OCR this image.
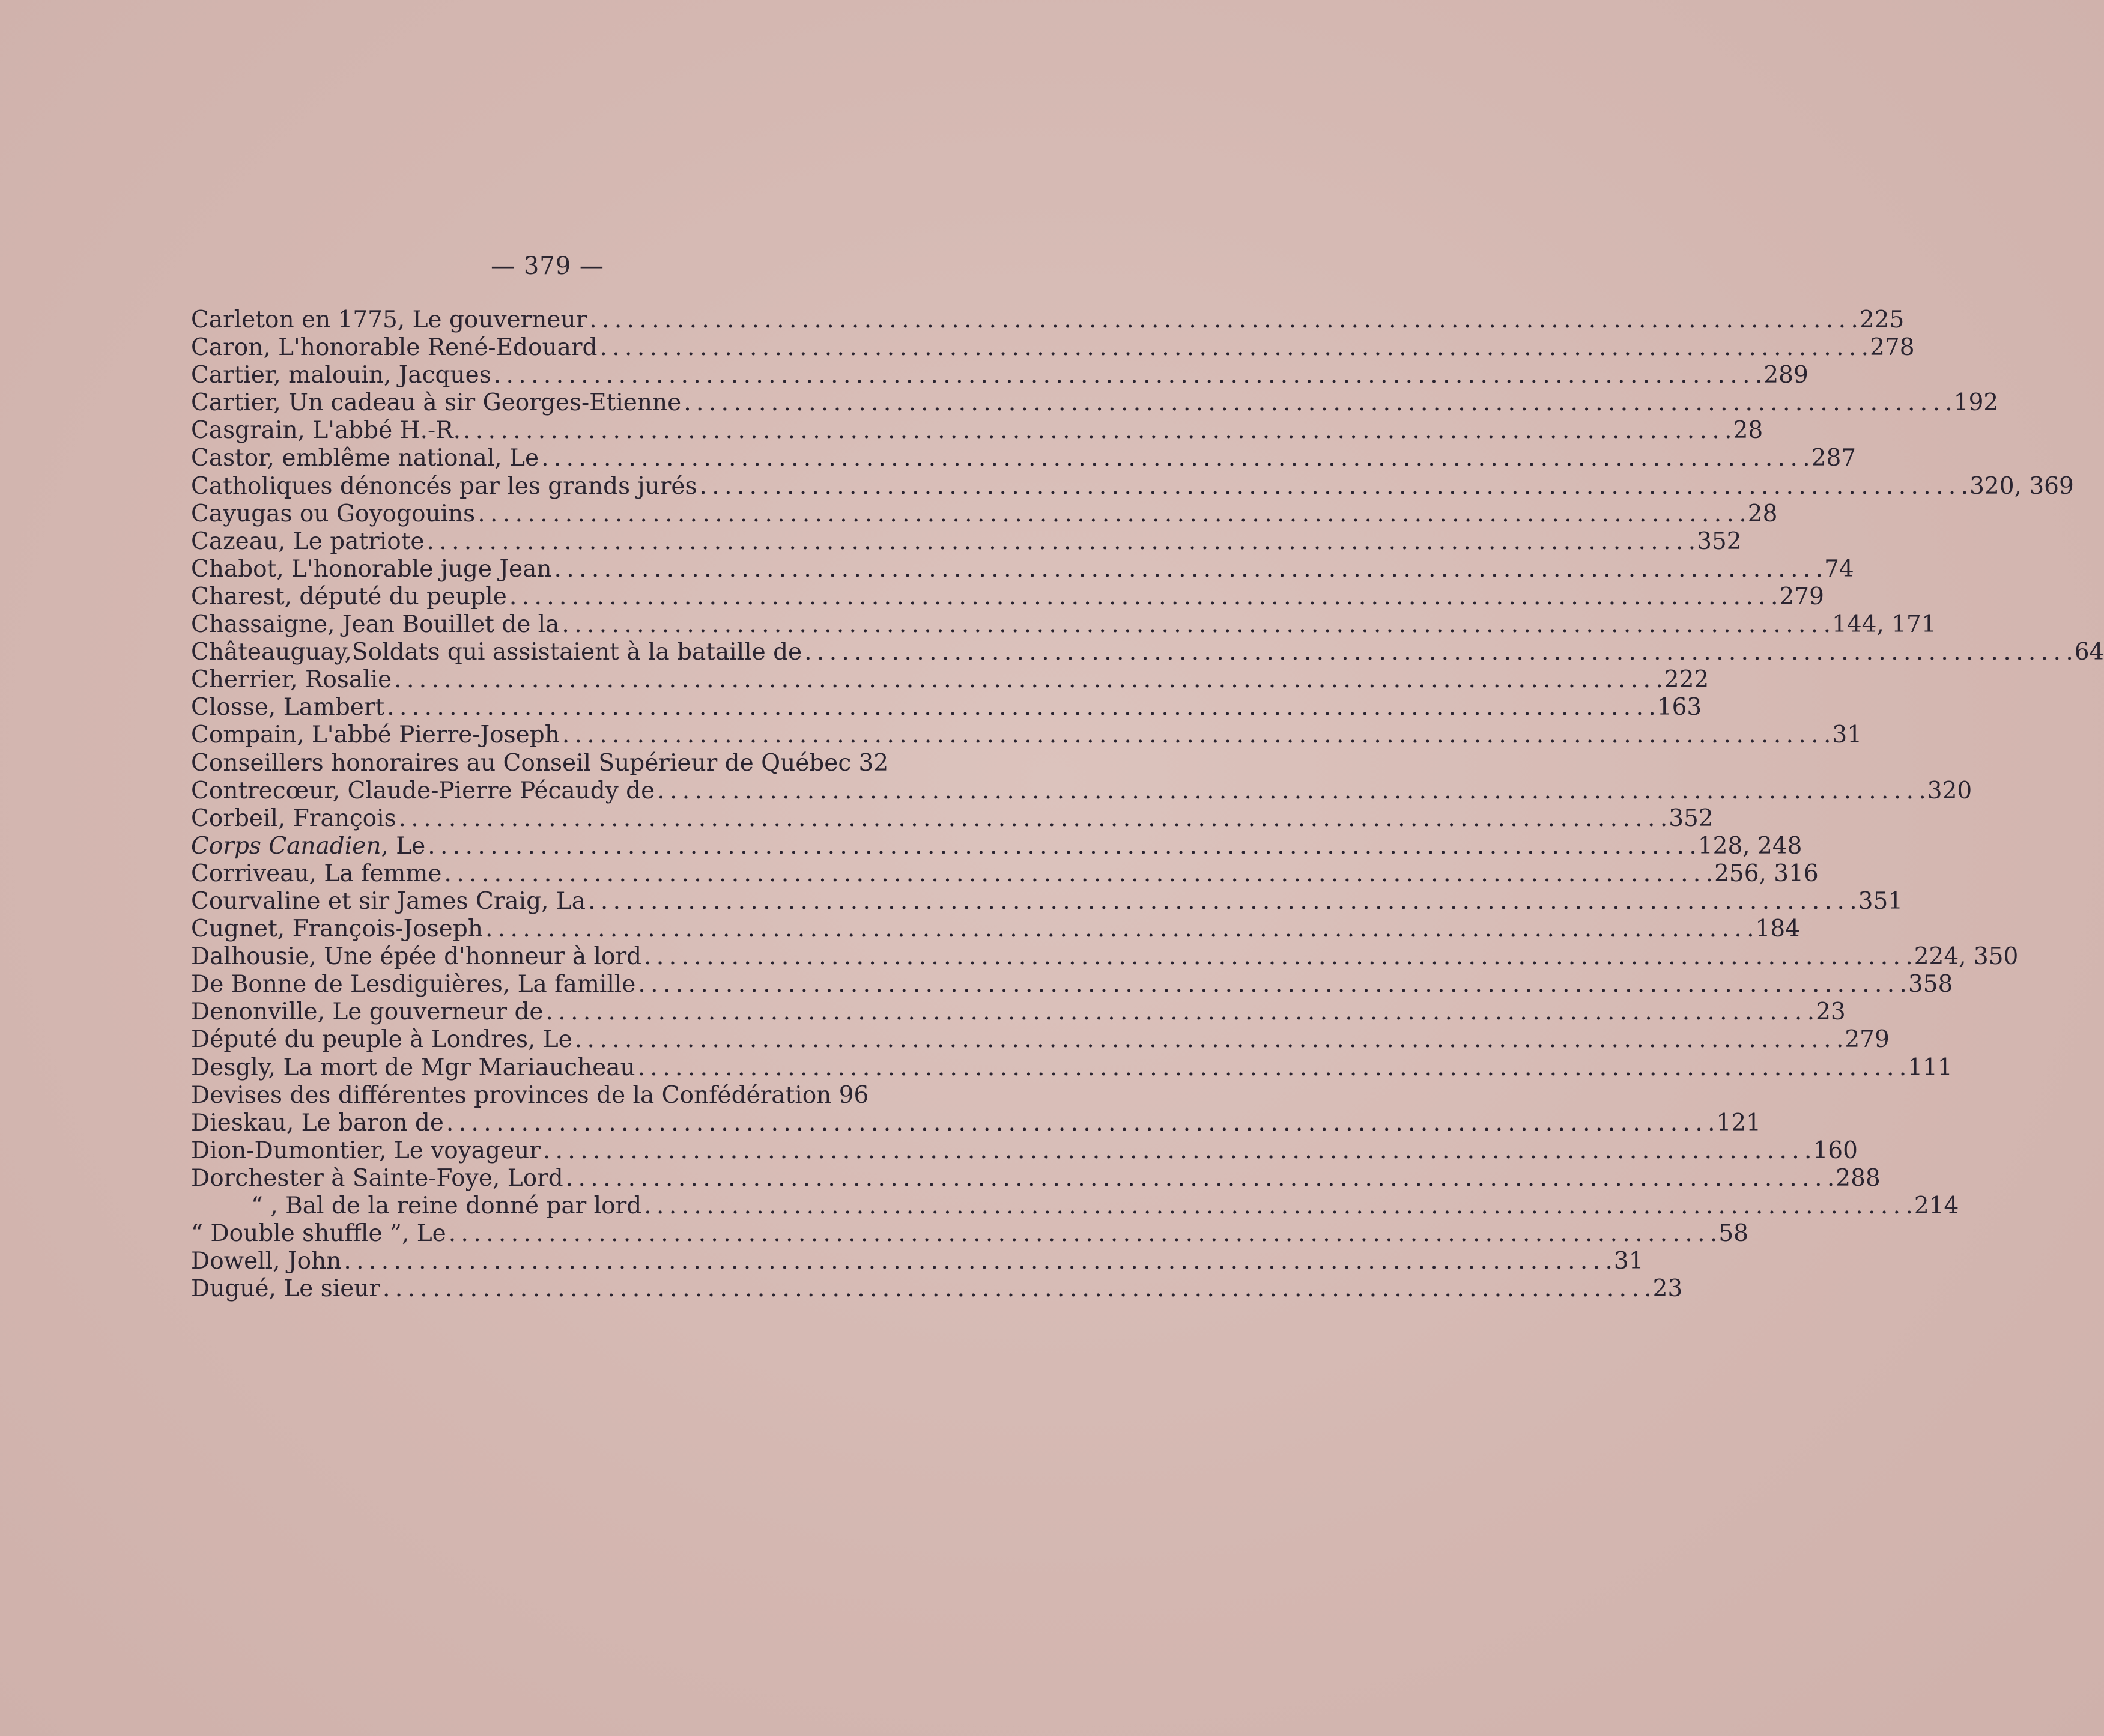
— 379 —
Carleton en 1775, Le gouverneur . . .	225
Caron, L'honorable René-Edouard . . .	278
Cartier, malouin, Jacques . . .	289
Cartier, Un cadeau à sir Georges-Etienne . . .	192
Casgrain, L'abbé H.-R. . . .	28
Castor, emblême national, Le . . .	287
Catholiques dénoncés par les grands jurés . . .	320, 369
Cayugas ou Goyogouins . . .	28
Cazeau, Le patriote . . .	352
Chabot, L'honorable juge Jean . . .	74
Charest, député du peuple . . .	279
Chassaigne, Jean Bouillet de la . . .	144, 171
Châteauguay,Soldats qui assistaient à la bataille de . . .	64
Cherrier, Rosalie . . .	222
Closse, Lambert . . .	163
Compain, L'abbé Pierre-Joseph . . .	31
Conseillers honoraires au Conseil Supérieur de Québec 32
Contrecœur, Claude-Pierre Pécaudy de . . .	320
Corbeil, François . . .	352
Corps Canadien, Le . . .	128, 248
Corriveau, La femme . . .	256, 316
Courvaline et sir James Craig, La . . .	351
Cugnet, François-Joseph . . .	184
Dalhousie, Une épée d'honneur à lord . . .	224, 350
De Bonne de Lesdiguières, La famille . . .	358
Denonville, Le gouverneur de . . .	23
Député du peuple à Londres, Le . . .	279
Desgly, La mort de Mgr Mariaucheau . . .	111
Devises des différentes provinces de la Confédération 96
Dieskau, Le baron de . . .	121
Dion-Dumontier, Le voyageur . . .	160
Dorchester à Sainte-Foye, Lord . . .	288
“ , Bal de la reine donné par lord . . .	214
“ Double shuffle ”, Le . . .	58
Dowell, John . . .	31
Dugué, Le sieur . . .	23
